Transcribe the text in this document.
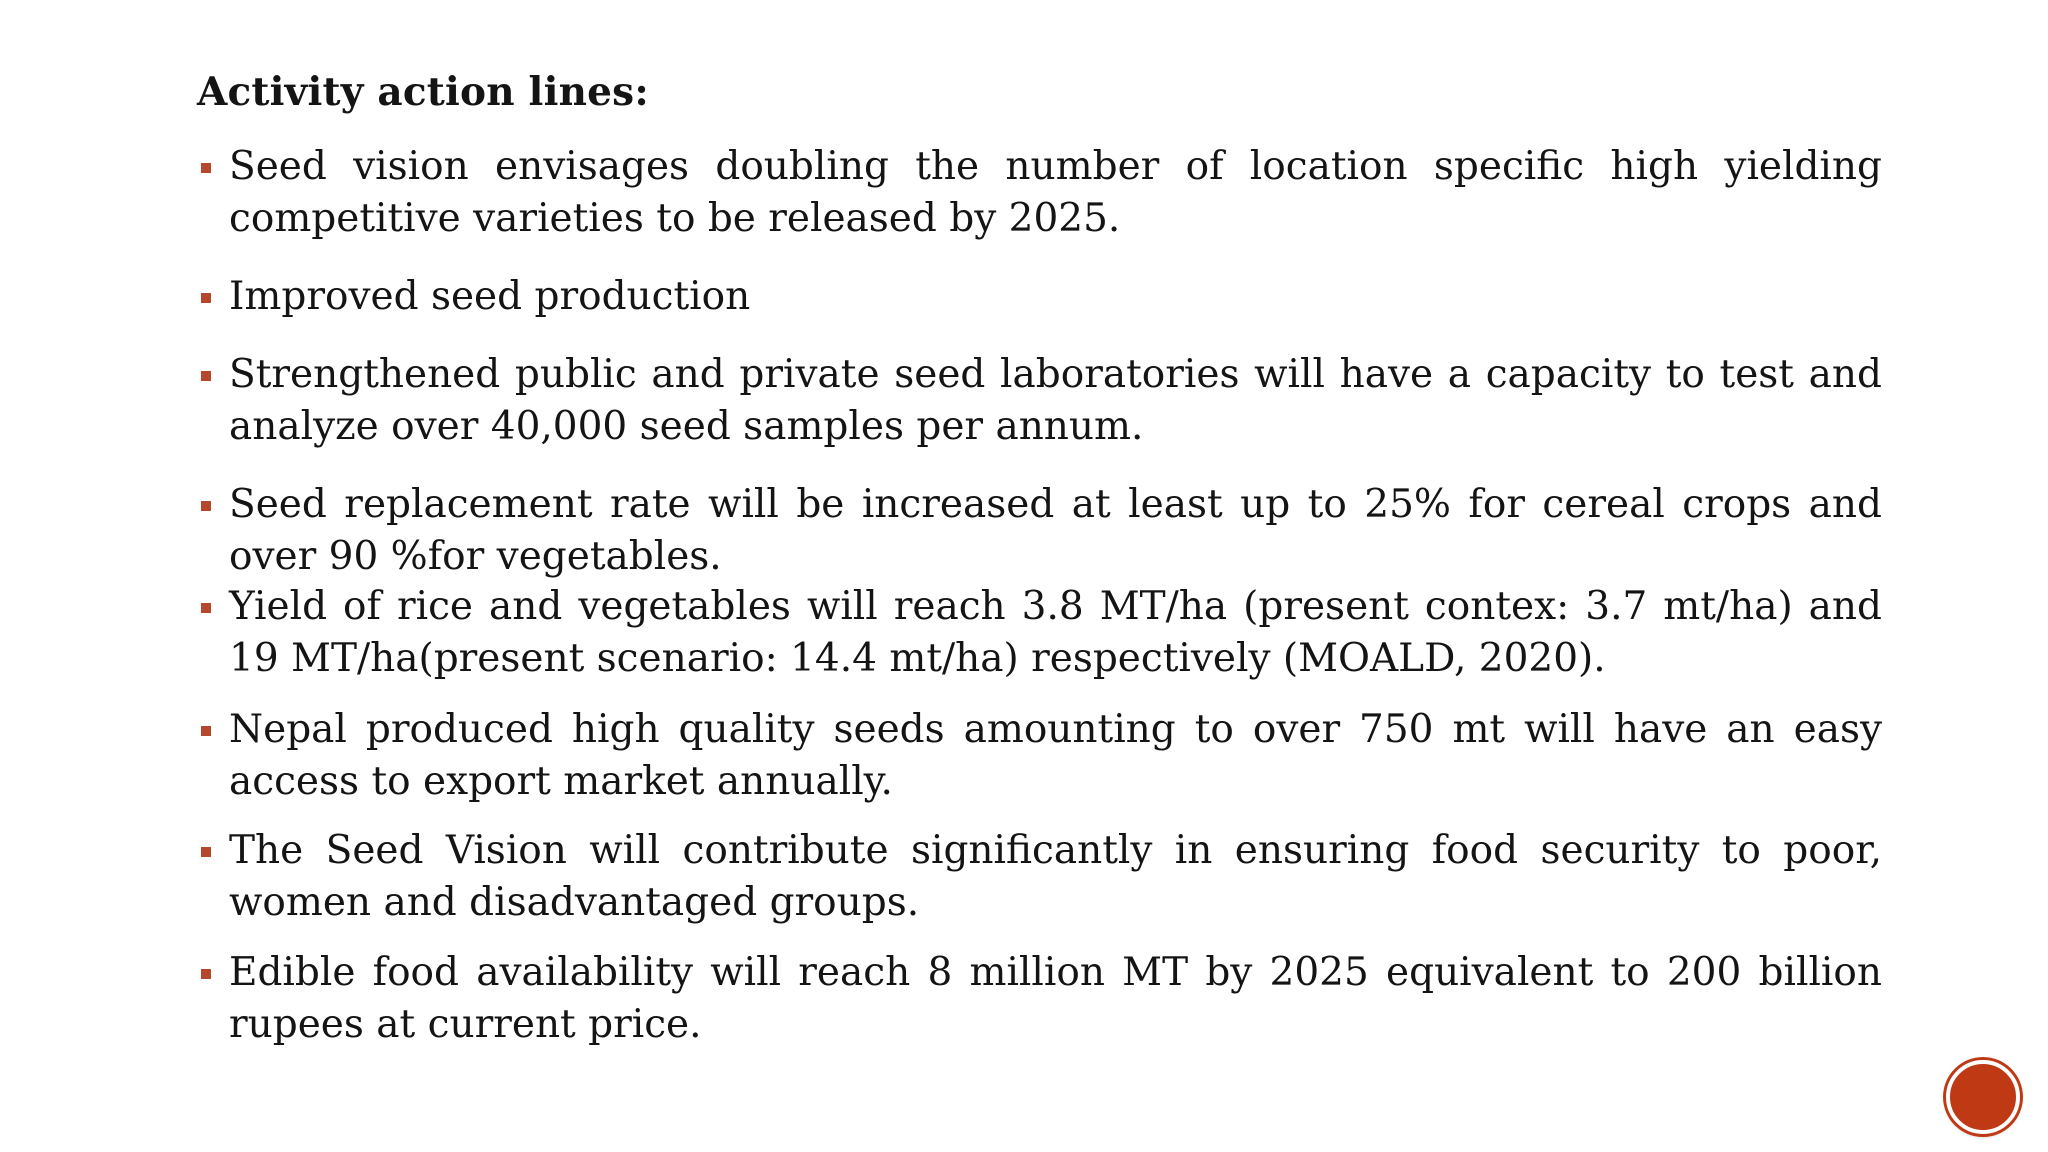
Activity action lines:
Seed vision envisages doubling the number of location specific high yielding competitive varieties to be released by 2025.
Improved seed production
Strengthened public and private seed laboratories will have a capacity to test and analyze over 40,000 seed samples per annum.
Seed replacement rate will be increased at least up to 25% for cereal crops and over 90 %for vegetables.
Yield of rice and vegetables will reach 3.8 MT/ha (present contex: 3.7 mt/ha) and 19 MT/ha(present scenario: 14.4 mt/ha) respectively (MOALD, 2020).
Nepal produced high quality seeds amounting to over 750 mt will have an easy access to export market annually.
The Seed Vision will contribute significantly in ensuring food security to poor, women and disadvantaged groups.
Edible food availability will reach 8 million MT by 2025 equivalent to 200 billion rupees at current price.
